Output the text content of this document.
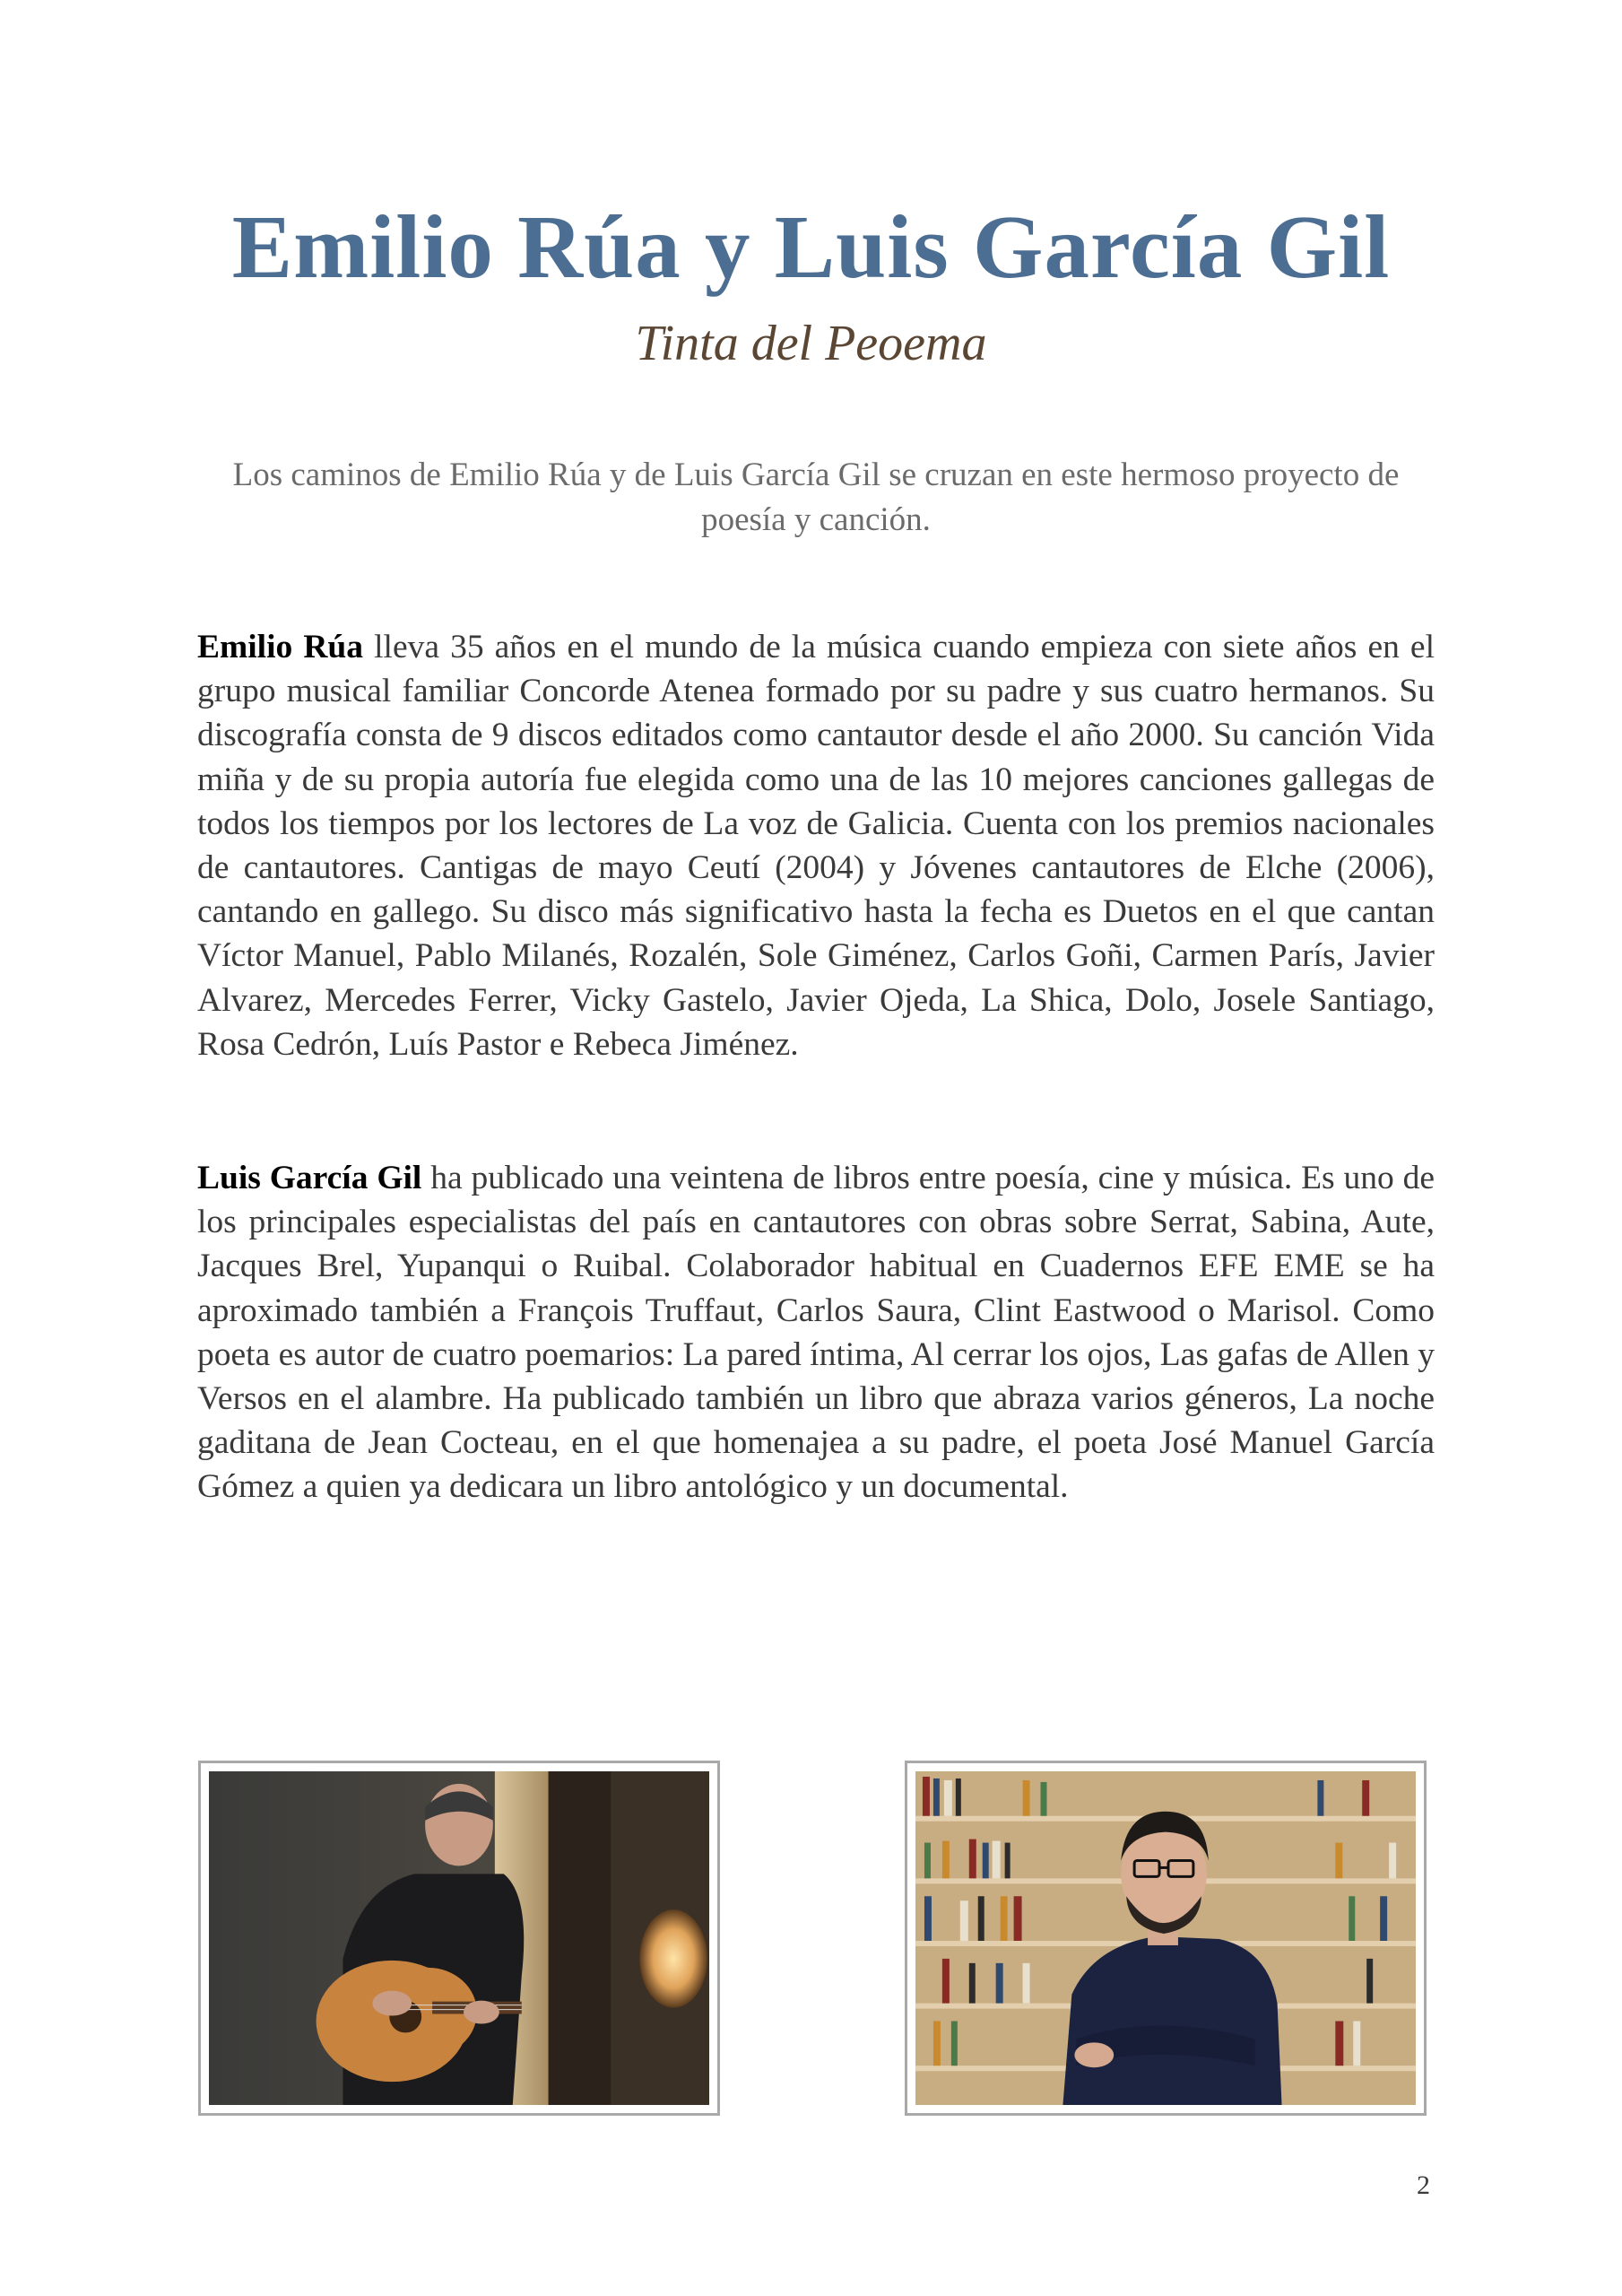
Emilio Rúa y Luis García Gil
Tinta del Peoema

Los caminos de Emilio Rúa y de Luis García Gil se cruzan en este hermoso proyecto de poesía y canción.

Emilio Rúa lleva 35 años en el mundo de la música cuando empieza con siete años en el grupo musical familiar Concorde Atenea formado por su padre y sus cuatro hermanos. Su discografía consta de 9 discos editados como cantautor desde el año 2000. Su canción Vida miña y de su propia autoría fue elegida como una de las 10 mejores canciones gallegas de todos los tiempos por los lectores de La voz de Galicia. Cuenta con los premios nacionales de cantautores. Cantigas de mayo Ceutí (2004) y Jóvenes cantautores de Elche (2006), cantando en gallego. Su disco más significativo hasta la fecha es Duetos en el que cantan Víctor Manuel, Pablo Milanés, Rozalén, Sole Giménez, Carlos Goñi, Carmen París, Javier Alvarez, Mercedes Ferrer, Vicky Gastelo, Javier Ojeda, La Shica, Dolo, Josele Santiago, Rosa Cedrón, Luís Pastor e Rebeca Jiménez.

Luis García Gil ha publicado una veintena de libros entre poesía, cine y música. Es uno de los principales especialistas del país en cantautores con obras sobre Serrat, Sabina, Aute, Jacques Brel, Yupanqui o Ruibal. Colaborador habitual en Cuadernos EFE EME se ha aproximado también a François Truffaut, Carlos Saura, Clint Eastwood o Marisol. Como poeta es autor de cuatro poemarios: La pared íntima, Al cerrar los ojos, Las gafas de Allen y Versos en el alambre. Ha publicado también un libro que abraza varios géneros, La noche gaditana de Jean Cocteau, en el que homenajea a su padre, el poeta José Manuel García Gómez a quien ya dedicara un libro antológico y un documental.

2
